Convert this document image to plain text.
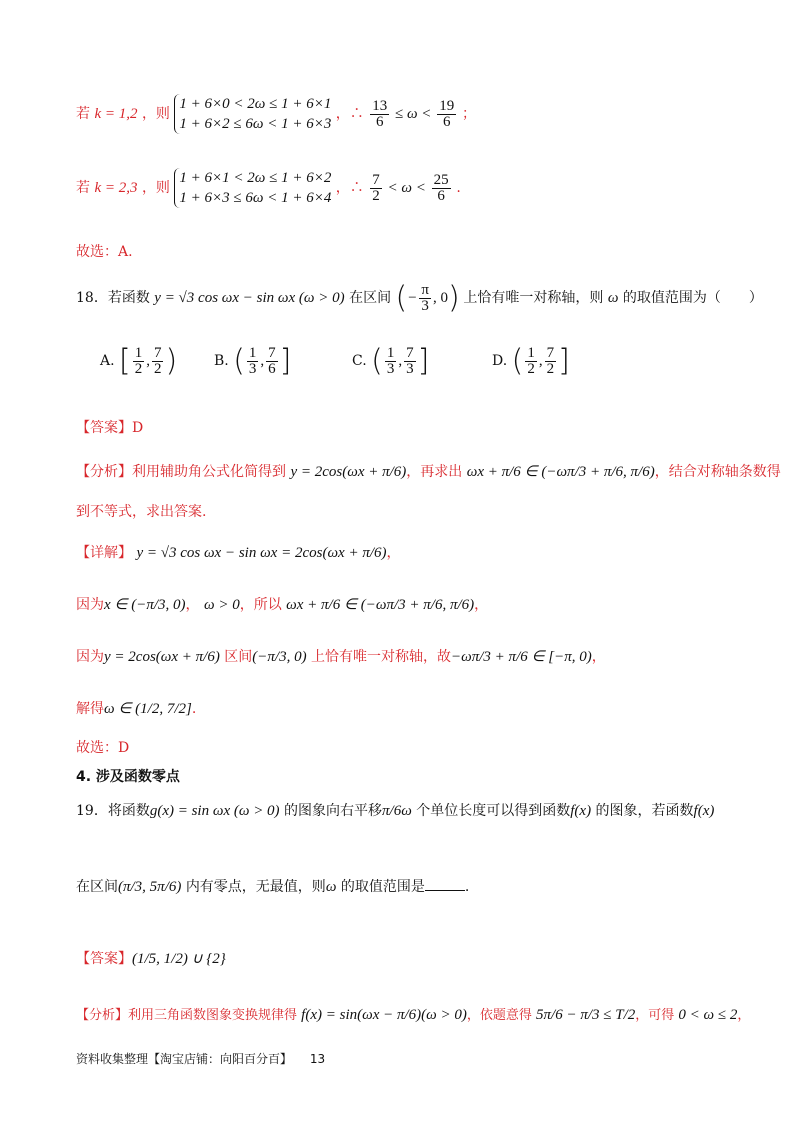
若 k = 1,2 ，则
1 + 6×0 < 2ω ≤ 1 + 6×1
1 + 6×2 ≤ 6ω < 1 + 6×3
，∴ $\frac{13}{6} \le \omega < \frac{19}{6}$ ；
若 k = 2,3 ，则
1 + 6×1 < 2ω ≤ 1 + 6×2
1 + 6×3 ≤ 6ω < 1 + 6×4
，∴ $\frac{7}{2} < \omega < \frac{25}{6}$ .
故选：A.
18．若函数 y = √3 cos ωx − sin ωx (ω > 0) 在区间 (− $\frac{\pi}{3}$ , 0) 上恰有唯一对称轴，则 ω 的取值范围为（　　）
A. [ $\frac{1}{2}$ , $\frac{7}{2}$ )	B. ( $\frac{1}{3}$ , $\frac{7}{6}$ ]	C. ( $\frac{1}{3}$ , $\frac{7}{3}$ ]	D. ( $\frac{1}{2}$ , $\frac{7}{2}$ ]
【答案】D
【分析】利用辅助角公式化简得到 y = 2cos(ωx + π/6)，再求出 ωx + π/6 ∈ (−ωπ/3 + π/6, π/6)，结合对称轴条数得
到不等式，求出答案.
【详解】 y = √3 cos ωx − sin ωx = 2cos(ωx + π/6)，
因为x ∈ (−π/3, 0)， ω > 0，所以 ωx + π/6 ∈ (−ωπ/3 + π/6, π/6)，
因为y = 2cos(ωx + π/6) 区间(−π/3, 0) 上恰有唯一对称轴，故−ωπ/3 + π/6 ∈ [−π, 0)，
解得ω ∈ (1/2, 7/2].
故选：D
4. 涉及函数零点
19．将函数g(x) = sin ωx (ω > 0) 的图象向右平移π/6ω 个单位长度可以得到函数f(x) 的图象，若函数f(x)
在区间(π/3, 5π/6) 内有零点，无最值，则ω 的取值范围是	.
【答案】(1/5, 1/2) ∪ {2}
【分析】利用三角函数图象变换规律得 f(x) = sin(ωx − π/6)(ω > 0)，依题意得 5π/6 − π/3 ≤ T/2，可得 0 < ω ≤ 2，
资料收集整理【淘宝店铺：向阳百分百】 13
